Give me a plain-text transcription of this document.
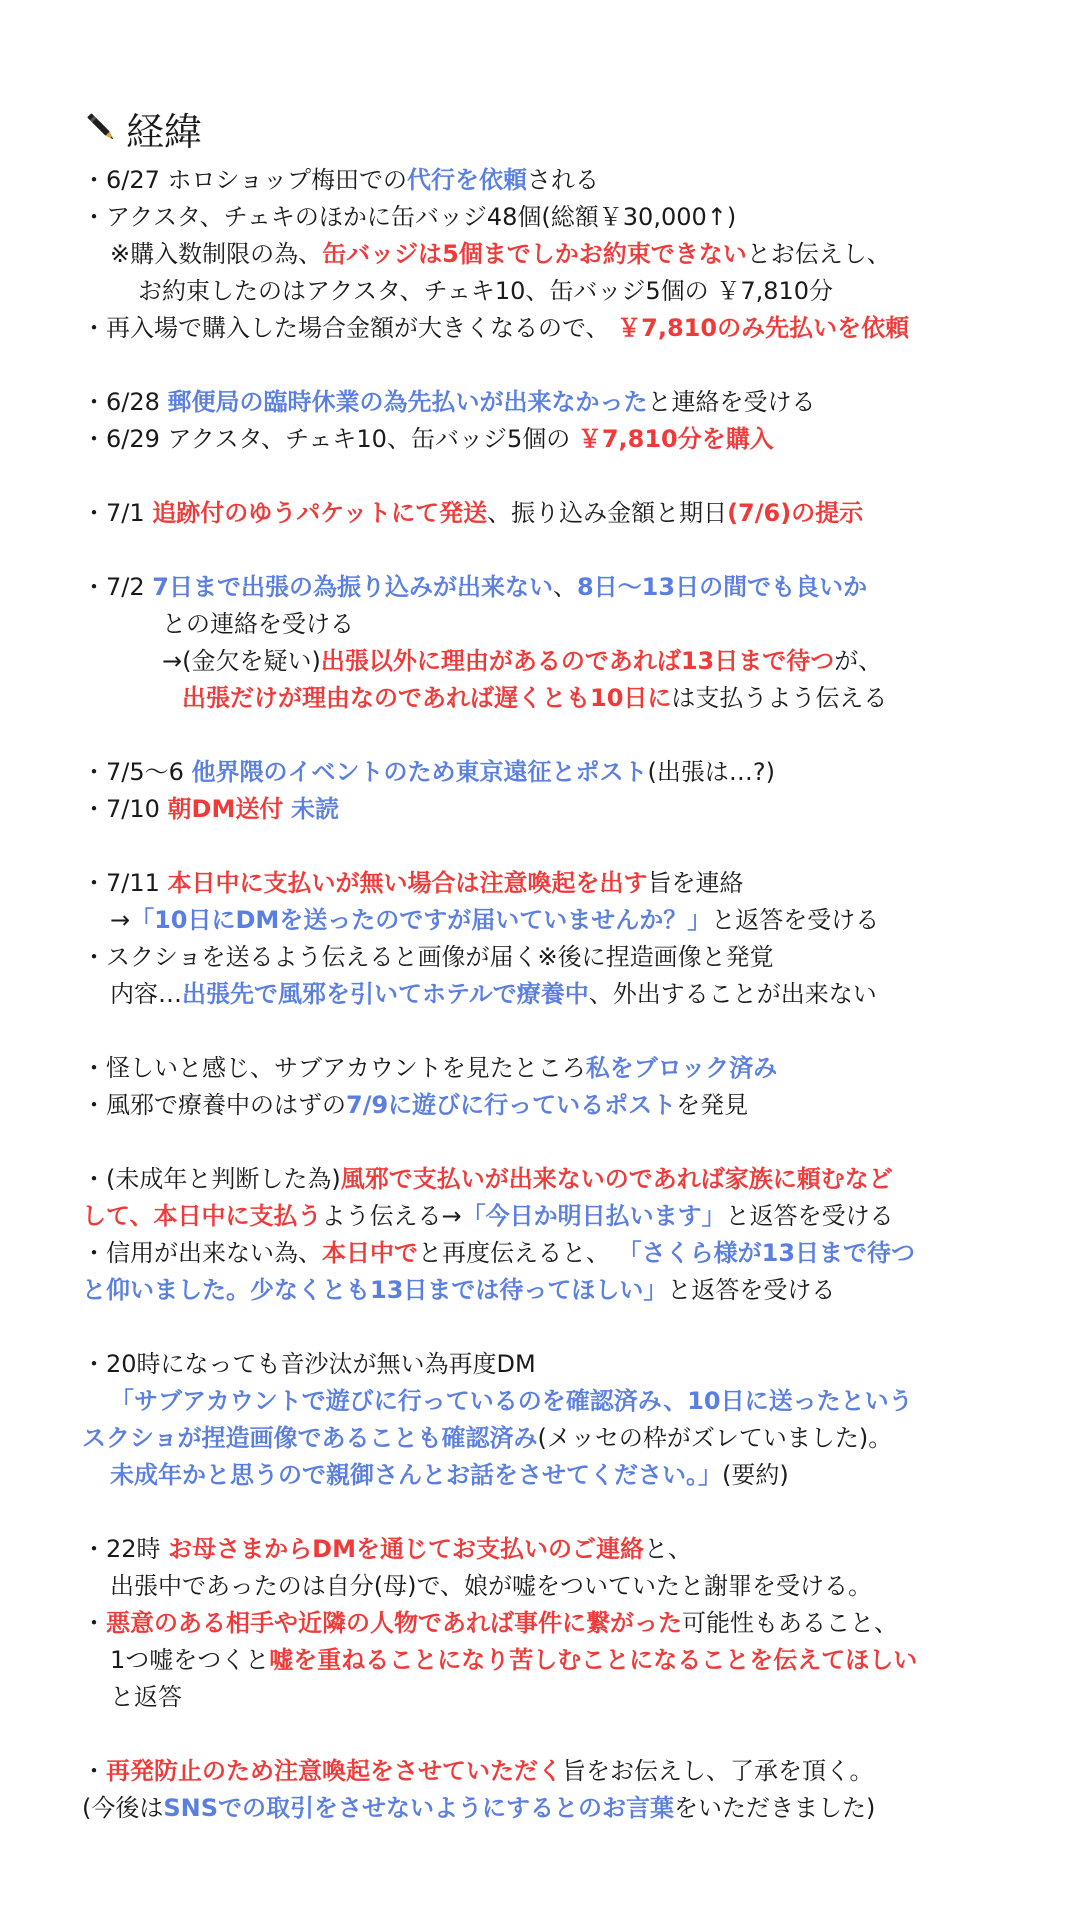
経緯
・6/27 ホロショップ梅田での代行を依頼される
・アクスタ、チェキのほかに缶バッジ48個(総額￥30,000↑)
※購入数制限の為、缶バッジは5個までしかお約束できないとお伝えし、
お約束したのはアクスタ、チェキ10、缶バッジ5個の ￥7,810分
・再入場で購入した場合金額が大きくなるので、 ￥7,810のみ先払いを依頼
・6/28 郵便局の臨時休業の為先払いが出来なかったと連絡を受ける
・6/29 アクスタ、チェキ10、缶バッジ5個の ￥7,810分を購入
・7/1 追跡付のゆうパケットにて発送、振り込み金額と期日(7/6)の提示
・7/2 7日まで出張の為振り込みが出来ない、8日〜13日の間でも良いか
との連絡を受ける
→(金欠を疑い)出張以外に理由があるのであれば13日まで待つが、
出張だけが理由なのであれば遅くとも10日には支払うよう伝える
・7/5〜6 他界隈のイベントのため東京遠征とポスト(出張は…?)
・7/10 朝DM送付 未読
・7/11 本日中に支払いが無い場合は注意喚起を出す旨を連絡
→「10日にDMを送ったのですが届いていませんか？」と返答を受ける
・スクショを送るよう伝えると画像が届く※後に捏造画像と発覚
内容…出張先で風邪を引いてホテルで療養中、外出することが出来ない
・怪しいと感じ、サブアカウントを見たところ私をブロック済み
・風邪で療養中のはずの7/9に遊びに行っているポストを発見
・(未成年と判断した為)風邪で支払いが出来ないのであれば家族に頼むなど
して、本日中に支払うよう伝える→「今日か明日払います」と返答を受ける
・信用が出来ない為、本日中でと再度伝えると、 「さくら様が13日まで待つ
と仰いました。少なくとも13日までは待ってほしい」と返答を受ける
・20時になっても音沙汰が無い為再度DM
「サブアカウントで遊びに行っているのを確認済み、10日に送ったという
スクショが捏造画像であることも確認済み(メッセの枠がズレていました)。
未成年かと思うので親御さんとお話をさせてください。」(要約)
・22時 お母さまからDMを通じてお支払いのご連絡と、
出張中であったのは自分(母)で、娘が嘘をついていたと謝罪を受ける。
・悪意のある相手や近隣の人物であれば事件に繋がった可能性もあること、
1つ嘘をつくと嘘を重ねることになり苦しむことになることを伝えてほしい
と返答
・再発防止のため注意喚起をさせていただく旨をお伝えし、了承を頂く。
(今後はSNSでの取引をさせないようにするとのお言葉をいただきました)
